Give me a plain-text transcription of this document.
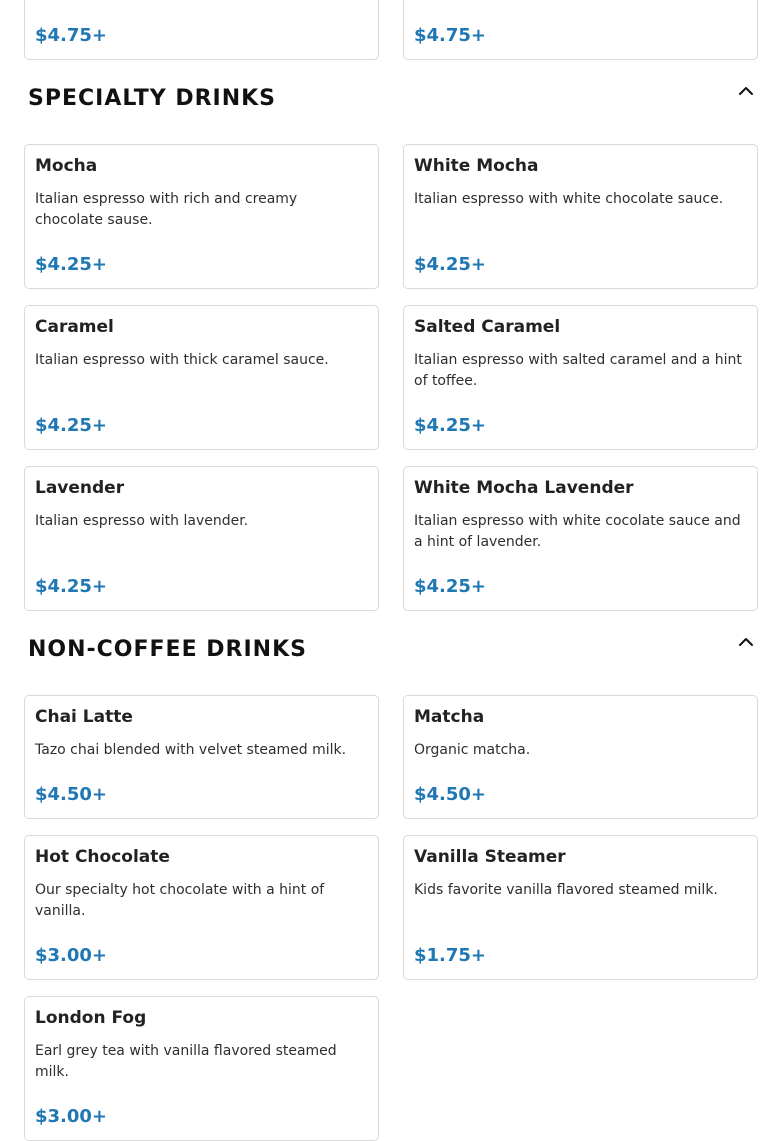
$4.75+	$4.75+
SPECIALTY DRINKS
Mocha
Italian espresso with rich and creamy chocolate sause.
$4.25+
White Mocha
Italian espresso with white chocolate sauce.
$4.25+
Caramel
Italian espresso with thick caramel sauce.
$4.25+
Salted Caramel
Italian espresso with salted caramel and a hint of toffee.
$4.25+
Lavender
Italian espresso with lavender.
$4.25+
White Mocha Lavender
Italian espresso with white cocolate sauce and a hint of lavender.
$4.25+
NON-COFFEE DRINKS
Chai Latte
Tazo chai blended with velvet steamed milk.
$4.50+
Matcha
Organic matcha.
$4.50+
Hot Chocolate
Our specialty hot chocolate with a hint of vanilla.
$3.00+
Vanilla Steamer
Kids favorite vanilla flavored steamed milk.
$1.75+
London Fog
Earl grey tea with vanilla flavored steamed milk.
$3.00+
